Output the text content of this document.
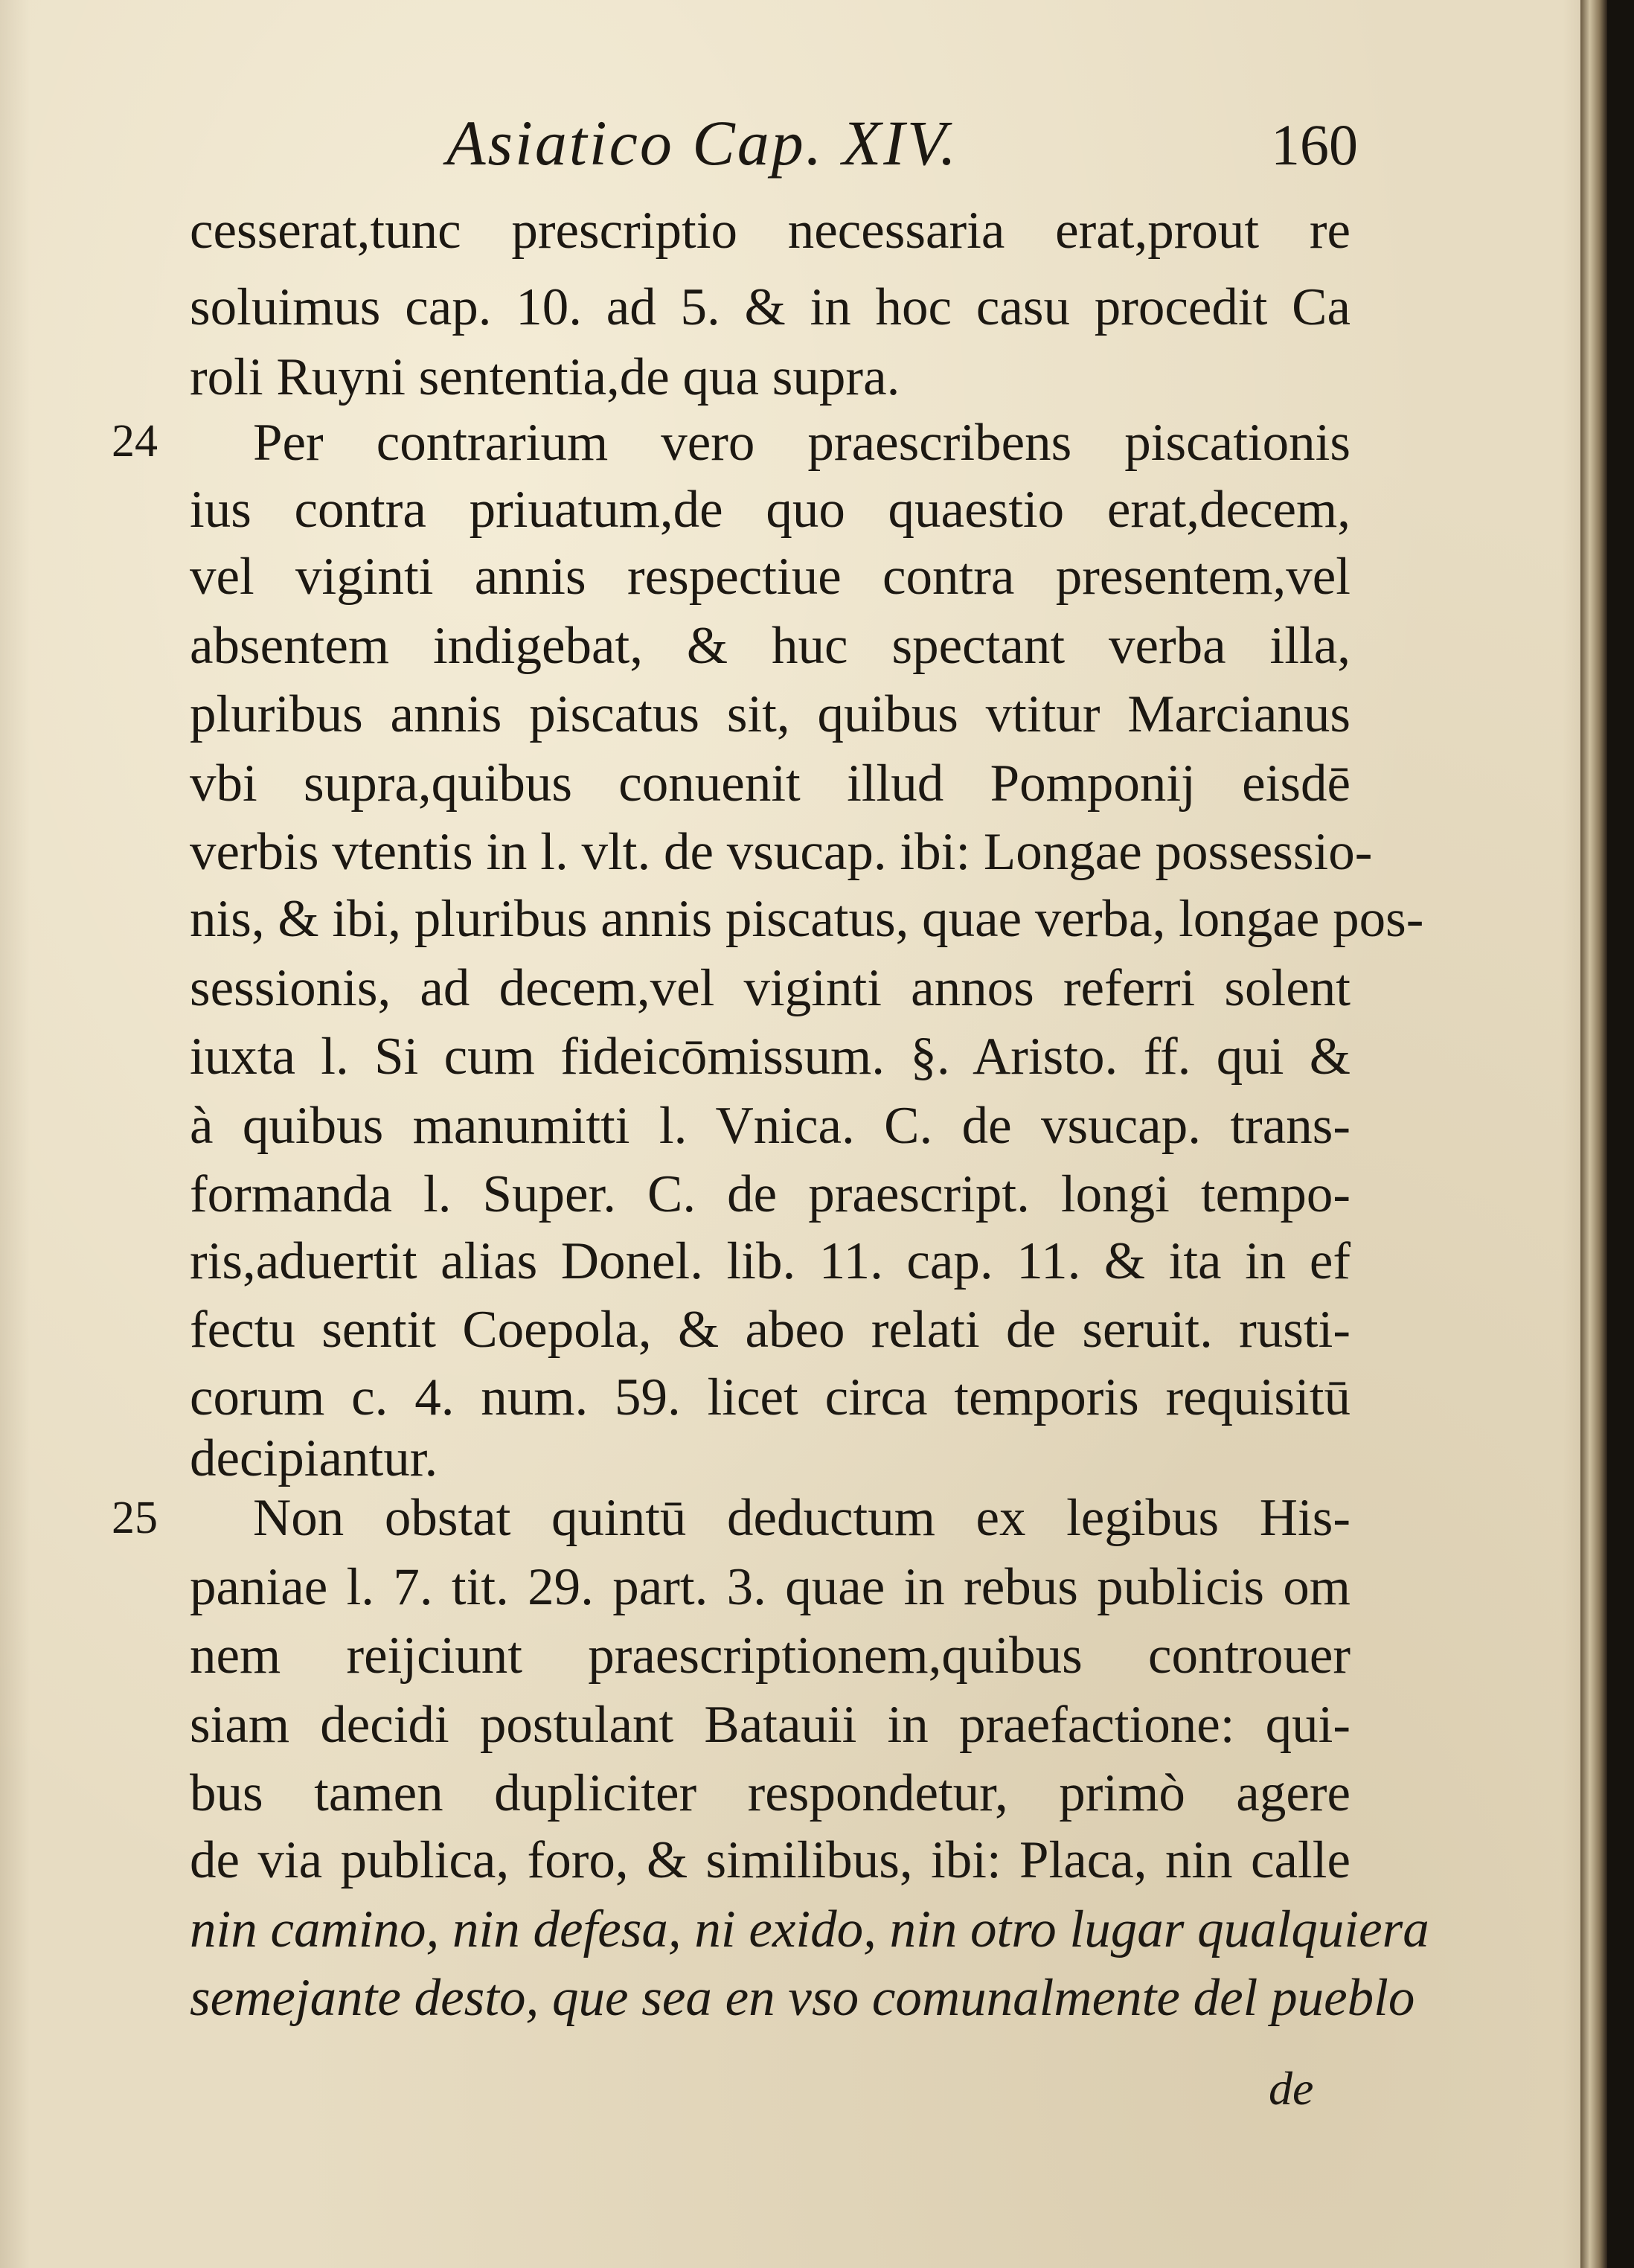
Asiatico Cap. XIV.	160
24
25
cesserat,tunc prescriptio necessaria erat,prout re
soluimus cap. 10. ad 5. & in hoc casu procedit Ca
roli Ruyni sententia,de qua supra.
Per contrarium vero praescribens piscationis
ius contra priuatum,de quo quaestio erat,decem,
vel viginti annis respectiue contra presentem,vel
absentem indigebat, & huc spectant verba illa,
pluribus annis piscatus sit, quibus vtitur Marcianus
vbi supra,quibus conuenit illud Pomponij eisdē
verbis vtentis in l. vlt. de vsucap. ibi: Longae possessio-
nis, & ibi, pluribus annis piscatus, quae verba, longae pos-
sessionis, ad decem,vel viginti annos referri solent
iuxta l. Si cum fideicōmissum. §. Aristo. ff. qui &
à quibus manumitti l. Vnica. C. de vsucap. trans-
formanda l. Super. C. de praescript. longi tempo-
ris,aduertit alias Donel. lib. 11. cap. 11. & ita in ef
fectu sentit Coepola, & abeo relati de seruit. rusti-
corum c. 4. num. 59. licet circa temporis requisitū
decipiantur.
Non obstat quintū deductum ex legibus His-
paniae l. 7. tit. 29. part. 3. quae in rebus publicis om
nem reijciunt praescriptionem,quibus controuer
siam decidi postulant Batauii in praefactione: qui-
bus tamen dupliciter respondetur, primò agere
de via publica, foro, & similibus, ibi: Placa, nin calle
nin camino, nin defesa, ni exido, nin otro lugar qualquiera
semejante desto, que sea en vso comunalmente del pueblo
de
